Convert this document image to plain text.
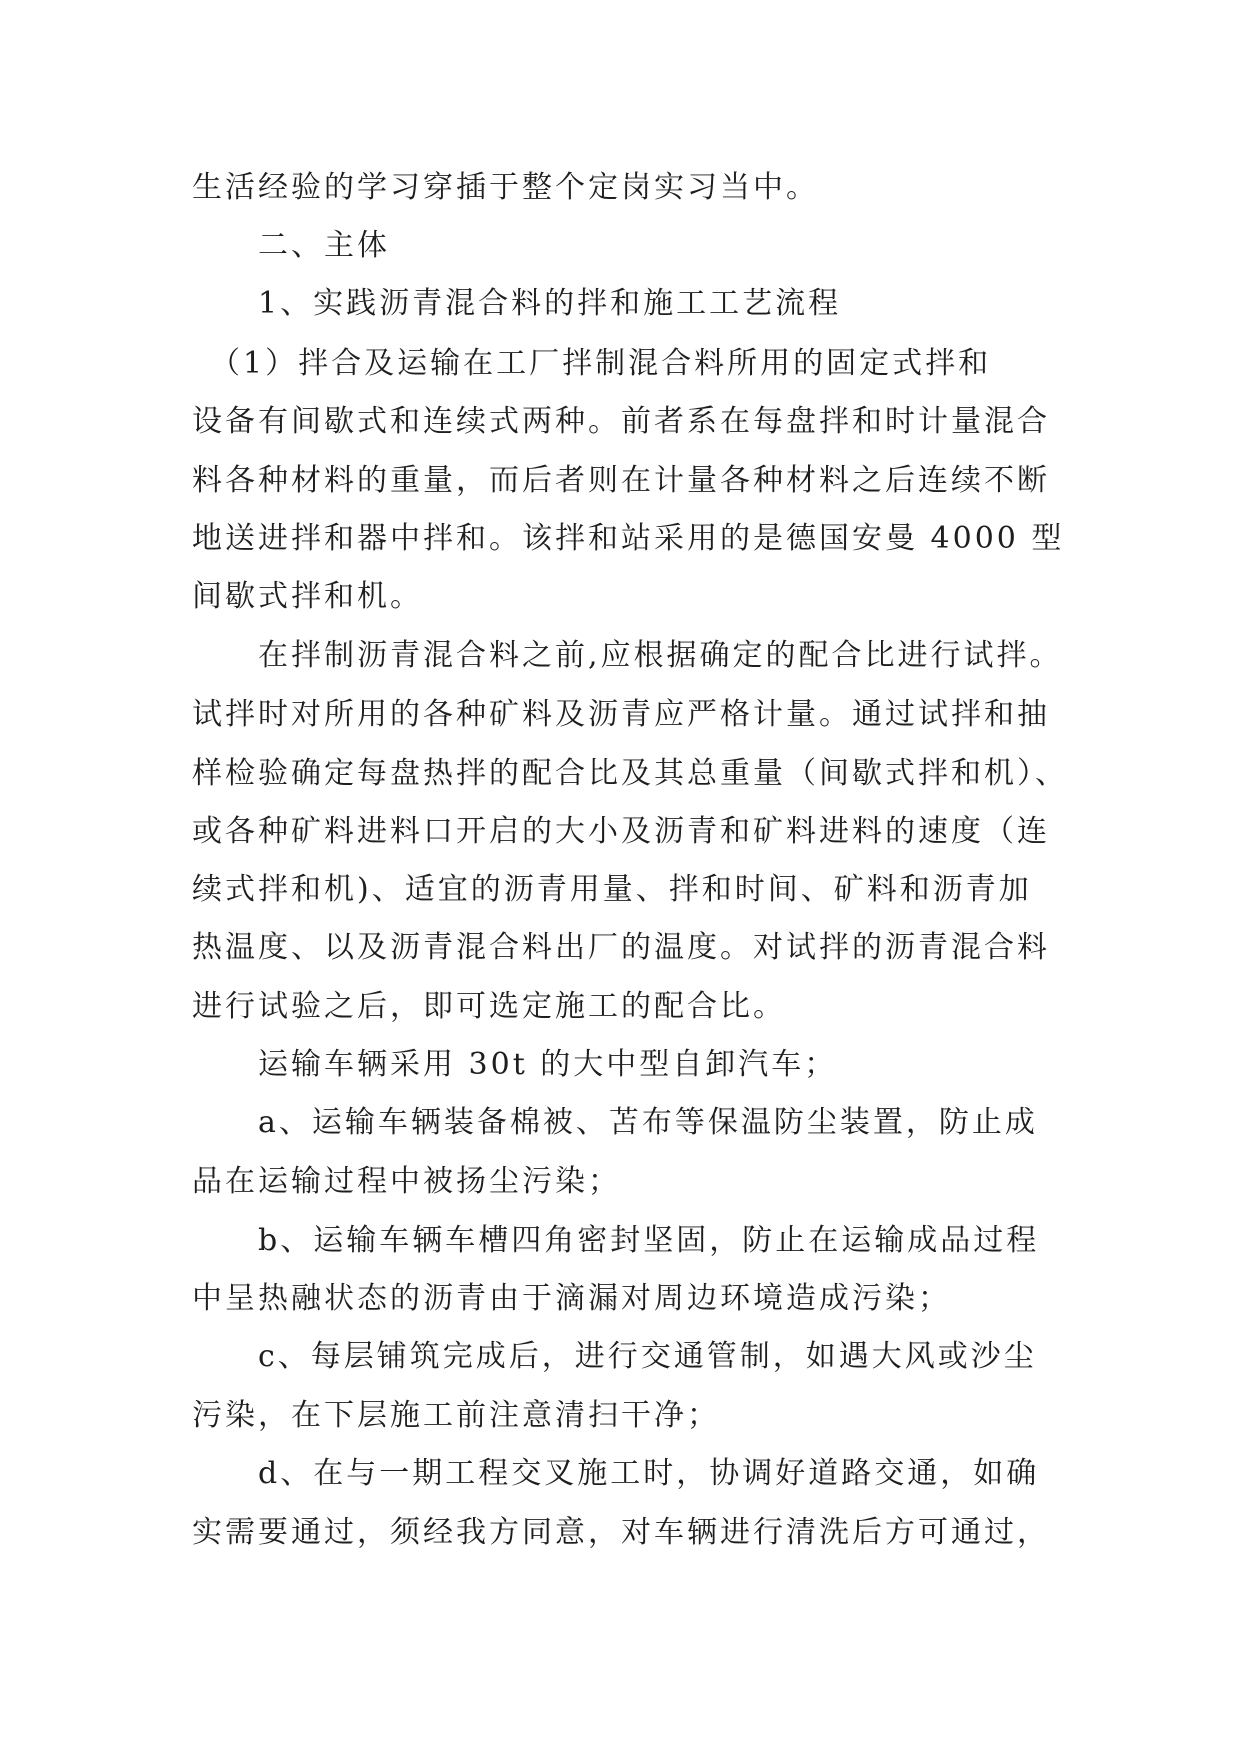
生活经验的学习穿插于整个定岗实习当中。
　　二、主体
　　1、实践沥青混合料的拌和施工工艺流程
　（1）拌合及运输在工厂拌制混合料所用的固定式拌和
设备有间歇式和连续式两种。前者系在每盘拌和时计量混合
料各种材料的重量，而后者则在计量各种材料之后连续不断
地送进拌和器中拌和。该拌和站采用的是德国安曼 4000 型
间歇式拌和机。
　　在拌制沥青混合料之前,应根据确定的配合比进行试拌。
试拌时对所用的各种矿料及沥青应严格计量。通过试拌和抽
样检验确定每盘热拌的配合比及其总重量（间歇式拌和机）、
或各种矿料进料口开启的大小及沥青和矿料进料的速度（连
续式拌和机)、适宜的沥青用量、拌和时间、矿料和沥青加
热温度、以及沥青混合料出厂的温度。对试拌的沥青混合料
进行试验之后，即可选定施工的配合比。
　　运输车辆采用 30t 的大中型自卸汽车；
　　a、运输车辆装备棉被、苫布等保温防尘装置，防止成
品在运输过程中被扬尘污染；
　　b、运输车辆车槽四角密封坚固，防止在运输成品过程
中呈热融状态的沥青由于滴漏对周边环境造成污染；
　　c、每层铺筑完成后，进行交通管制，如遇大风或沙尘
污染，在下层施工前注意清扫干净；
　　d、在与一期工程交叉施工时，协调好道路交通，如确
实需要通过，须经我方同意，对车辆进行清洗后方可通过，
